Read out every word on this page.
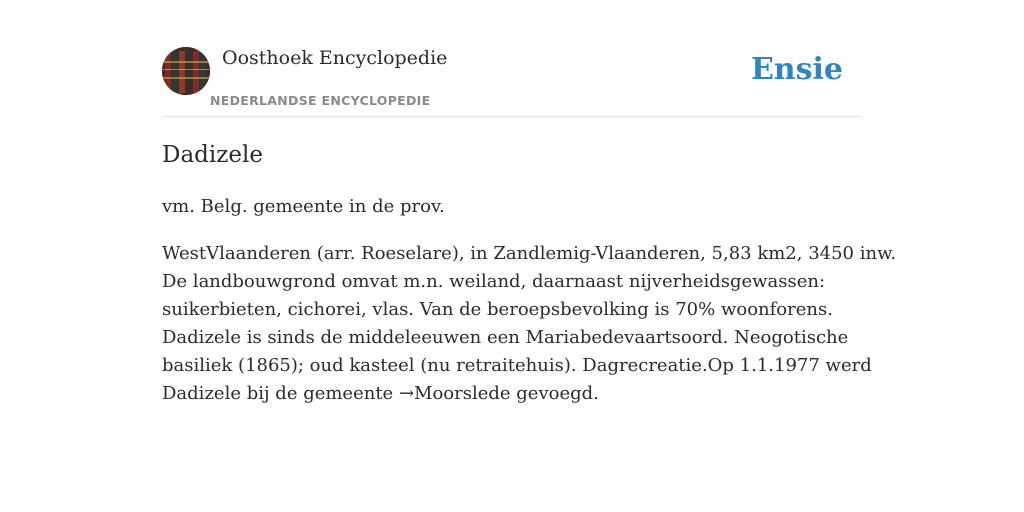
Oosthoek Encyclopedie
NEDERLANDSE ENCYCLOPEDIE
Ensie
Dadizele

vm. Belg. gemeente in de prov.

WestVlaanderen (arr. Roeselare), in Zandlemig-Vlaanderen, 5,83 km2, 3450 inw.
De landbouwgrond omvat m.n. weiland, daarnaast nijverheidsgewassen:
suikerbieten, cichorei, vlas. Van de beroepsbevolking is 70% woonforens.
Dadizele is sinds de middeleeuwen een Mariabedevaartsoord. Neogotische
basiliek (1865); oud kasteel (nu retraitehuis). Dagrecreatie.Op 1.1.1977 werd
Dadizele bij de gemeente →Moorslede gevoegd.
